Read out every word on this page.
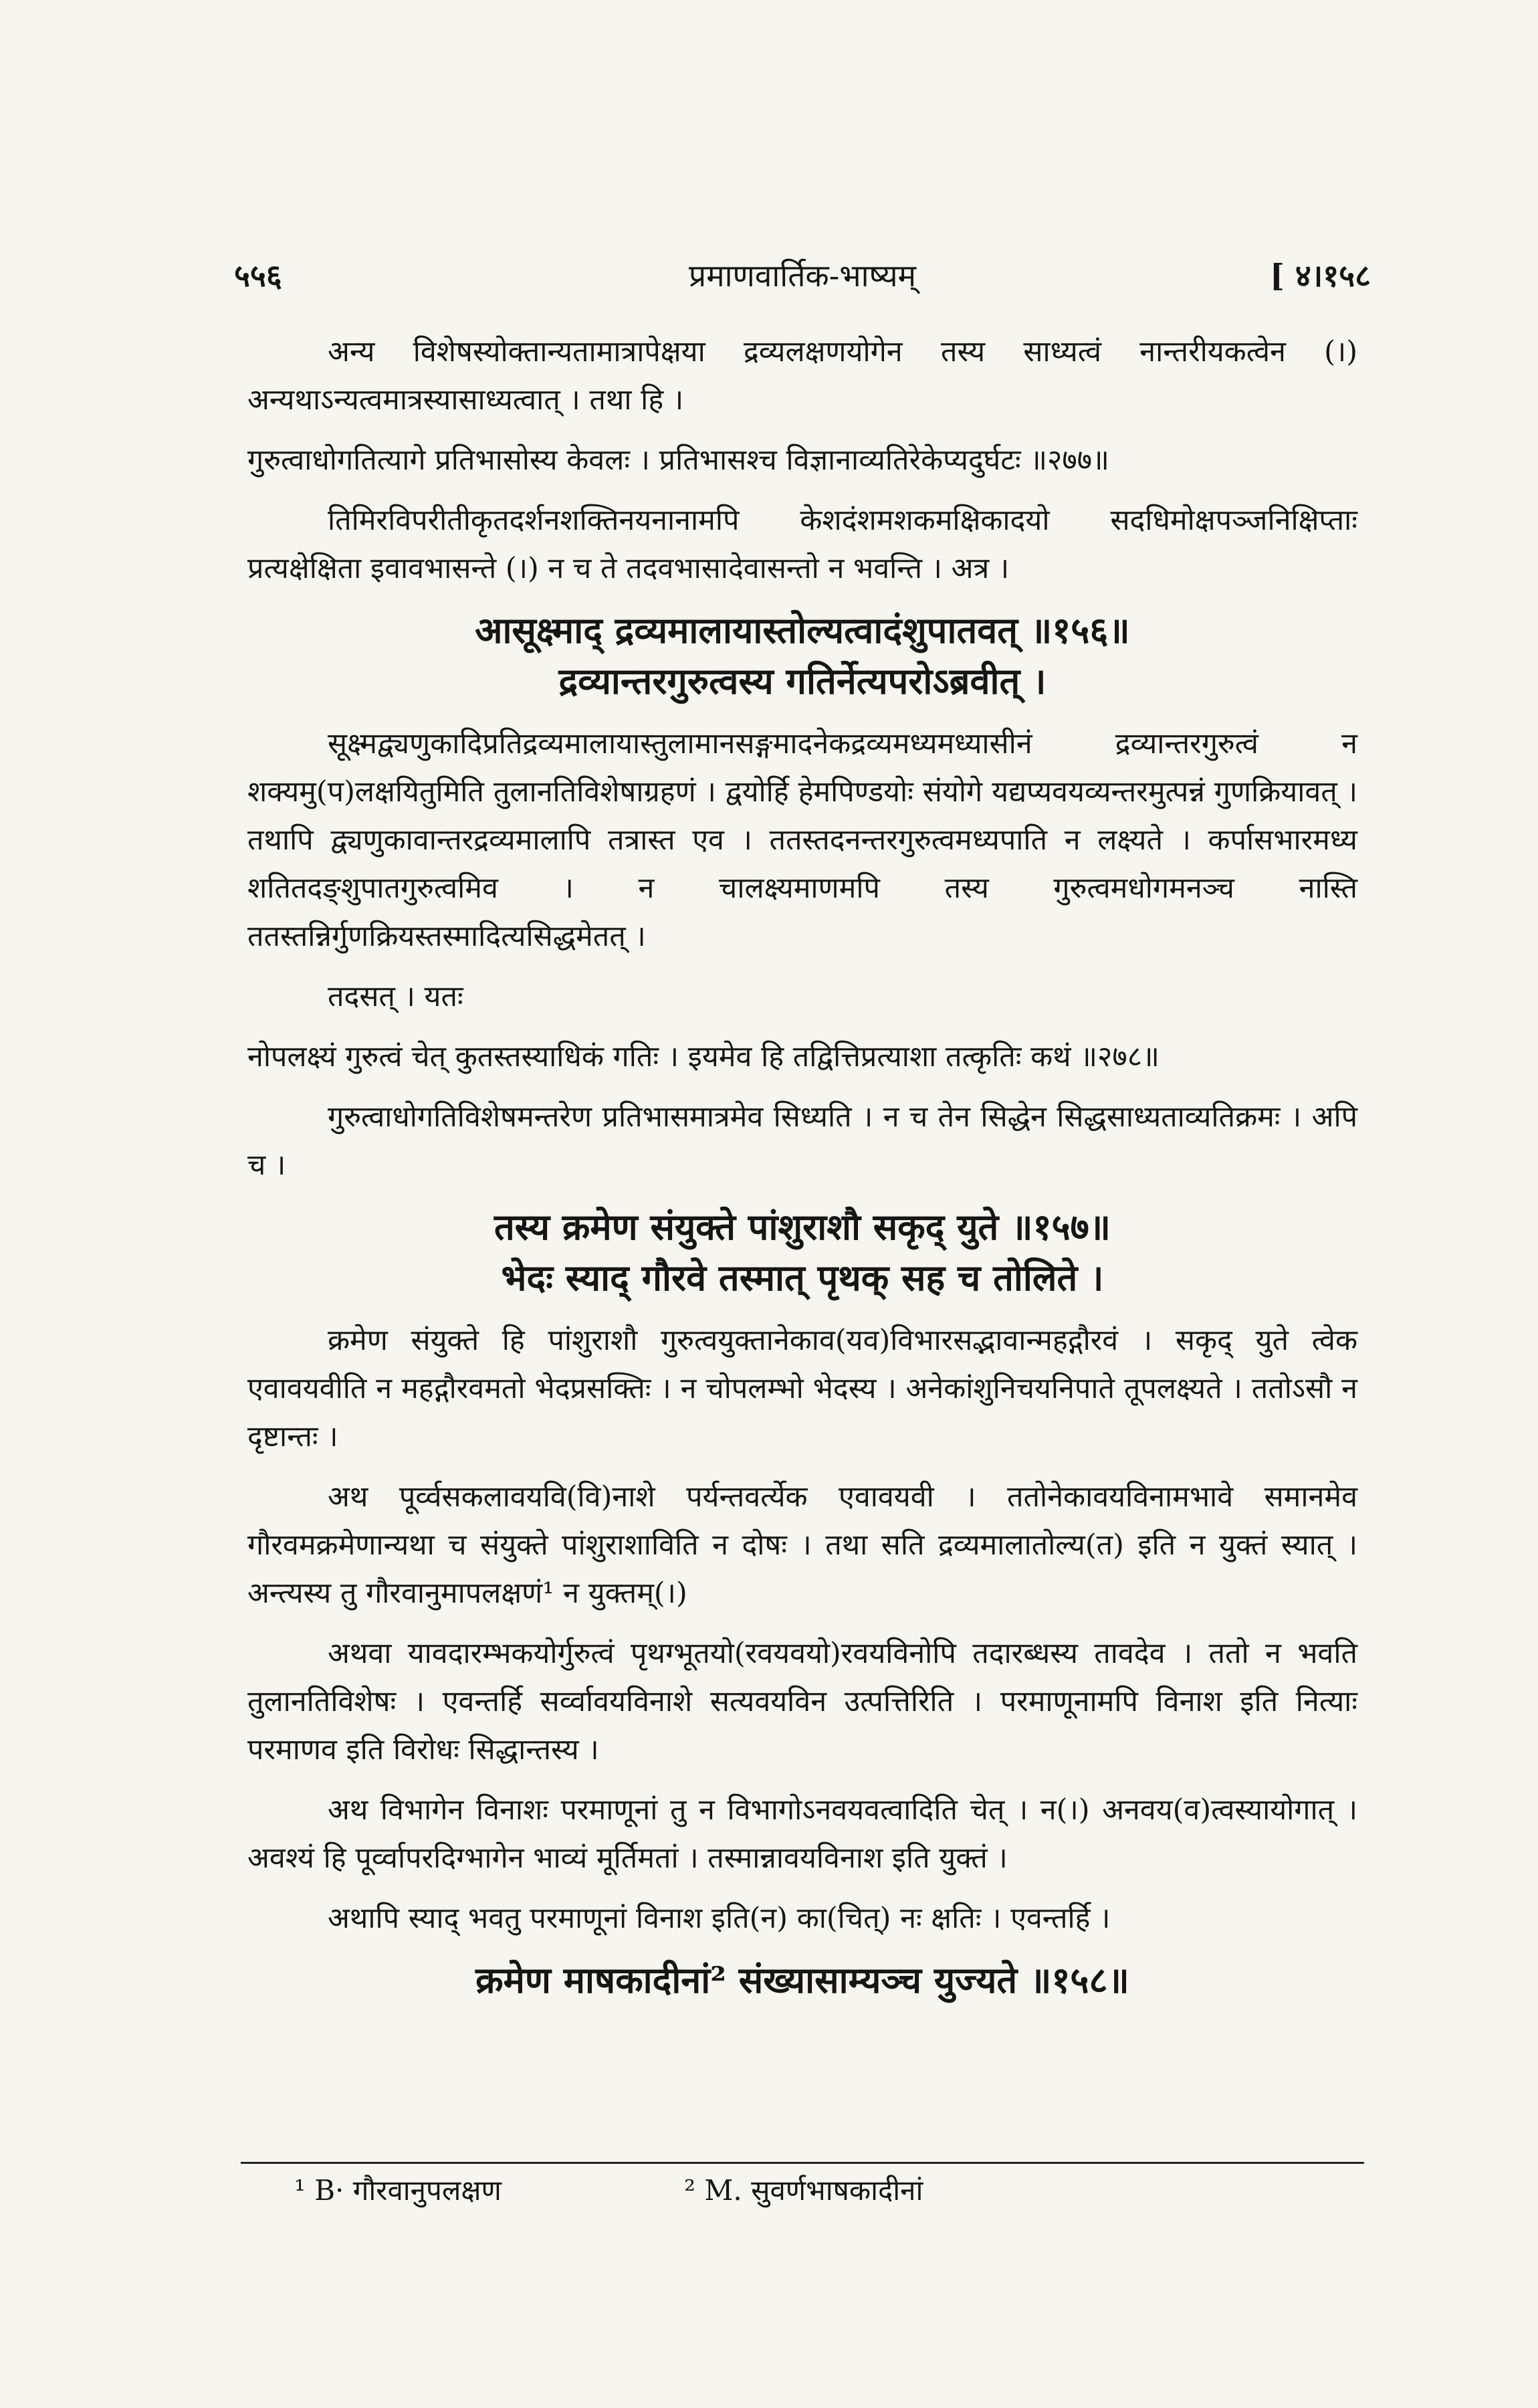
५५६	प्रमाणवार्तिक-भाष्यम्	[ ४।१५८

अन्य विशेषस्योक्तान्यतामात्रापेक्षया द्रव्यलक्षणयोगेन तस्य साध्यत्वं नान्तरीयकत्वेन (।) अन्यथाऽन्यत्वमात्रस्यासाध्यत्वात् । तथा हि ।

गुरुत्वाधोगतित्यागे प्रतिभासोस्य केवलः । प्रतिभासश्च विज्ञानाव्यतिरेकेप्यदुर्घटः ॥२७७॥

तिमिरविपरीतीकृतदर्शनशक्तिनयनानामपि केशदंशमशकमक्षिकादयो सदधिमोक्षपञ्जनिक्षिप्ताः प्रत्यक्षेक्षिता इवावभासन्ते (।) न च ते तदवभासादेवासन्तो न भवन्ति । अत्र ।

आसूक्ष्माद् द्रव्यमालायास्तोल्यत्वादंशुपातवत् ॥१५६॥
द्रव्यान्तरगुरुत्वस्य गतिर्नेत्यपरोऽब्रवीत् ।

सूक्ष्मद्व्यणुकादिप्रतिद्रव्यमालायास्तुलामानसङ्गमादनेकद्रव्यमध्यमध्यासीनं द्रव्यान्तरगुरुत्वं न शक्यमु(प)लक्षयितुमिति तुलानतिविशेषाग्रहणं । द्वयोर्हि हेमपिण्डयोः संयोगे यद्यप्यवयव्यन्तरमुत्पन्नं गुणक्रियावत् । तथापि द्व्यणुकावान्तरद्रव्यमालापि तत्रास्त एव । ततस्तदनन्तरगुरुत्वमध्यपाति न लक्ष्यते । कर्पासभारमध्य शतितदङ्शुपातगुरुत्वमिव । न चालक्ष्यमाणमपि तस्य गुरुत्वमधोगमनञ्च नास्ति ततस्तन्निर्गुणक्रियस्तस्मादित्यसिद्धमेतत् ।

तदसत् । यतः

नोपलक्ष्यं गुरुत्वं चेत् कुतस्तस्याधिकं गतिः । इयमेव हि तद्वित्तिप्रत्याशा तत्कृतिः कथं ॥२७८॥

गुरुत्वाधोगतिविशेषमन्तरेण प्रतिभासमात्रमेव सिध्यति । न च तेन सिद्धेन सिद्धसाध्यताव्यतिक्रमः । अपि च ।

तस्य क्रमेण संयुक्ते पांशुराशौ सकृद् युते ॥१५७॥
भेदः स्याद् गौरवे तस्मात् पृथक् सह च तोलिते ।

क्रमेण संयुक्ते हि पांशुराशौ गुरुत्वयुक्तानेकाव(यव)विभारसद्भावान्महद्गौरवं । सकृद् युते त्वेक एवावयवीति न महद्गौरवमतो भेदप्रसक्तिः । न चोपलम्भो भेदस्य । अनेकांशुनिचयनिपाते तूपलक्ष्यते । ततोऽसौ न दृष्टान्तः ।

अथ पूर्व्वसकलावयवि(वि)नाशे पर्यन्तवर्त्येक एवावयवी । ततोनेकावयविनामभावे समानमेव गौरवमक्रमेणान्यथा च संयुक्ते पांशुराशाविति न दोषः । तथा सति द्रव्यमालातोल्य(त) इति न युक्तं स्यात् । अन्त्यस्य तु गौरवानुमापलक्षणं¹ न युक्तम्(।)

अथवा यावदारम्भकयोर्गुरुत्वं पृथग्भूतयो(रवयवयो)रवयविनोपि तदारब्धस्य तावदेव । ततो न भवति तुलानतिविशेषः । एवन्तर्हि सर्व्वावयविनाशे सत्यवयविन उत्पत्तिरिति । परमाणूनामपि विनाश इति नित्याः परमाणव इति विरोधः सिद्धान्तस्य ।

अथ विभागेन विनाशः परमाणूनां तु न विभागोऽनवयवत्वादिति चेत् । न(।) अनवय(व)त्वस्यायोगात् । अवश्यं हि पूर्व्वापरदिग्भागेन भाव्यं मूर्तिमतां । तस्मान्नावयविनाश इति युक्तं ।

अथापि स्याद् भवतु परमाणूनां विनाश इति(न) का(चित्) नः क्षतिः । एवन्तर्हि ।

क्रमेण माषकादीनां² संख्यासाम्यञ्च युज्यते ॥१५८॥
¹ B· गौरवानुपलक्षण	² M. सुवर्णभाषकादीनां
